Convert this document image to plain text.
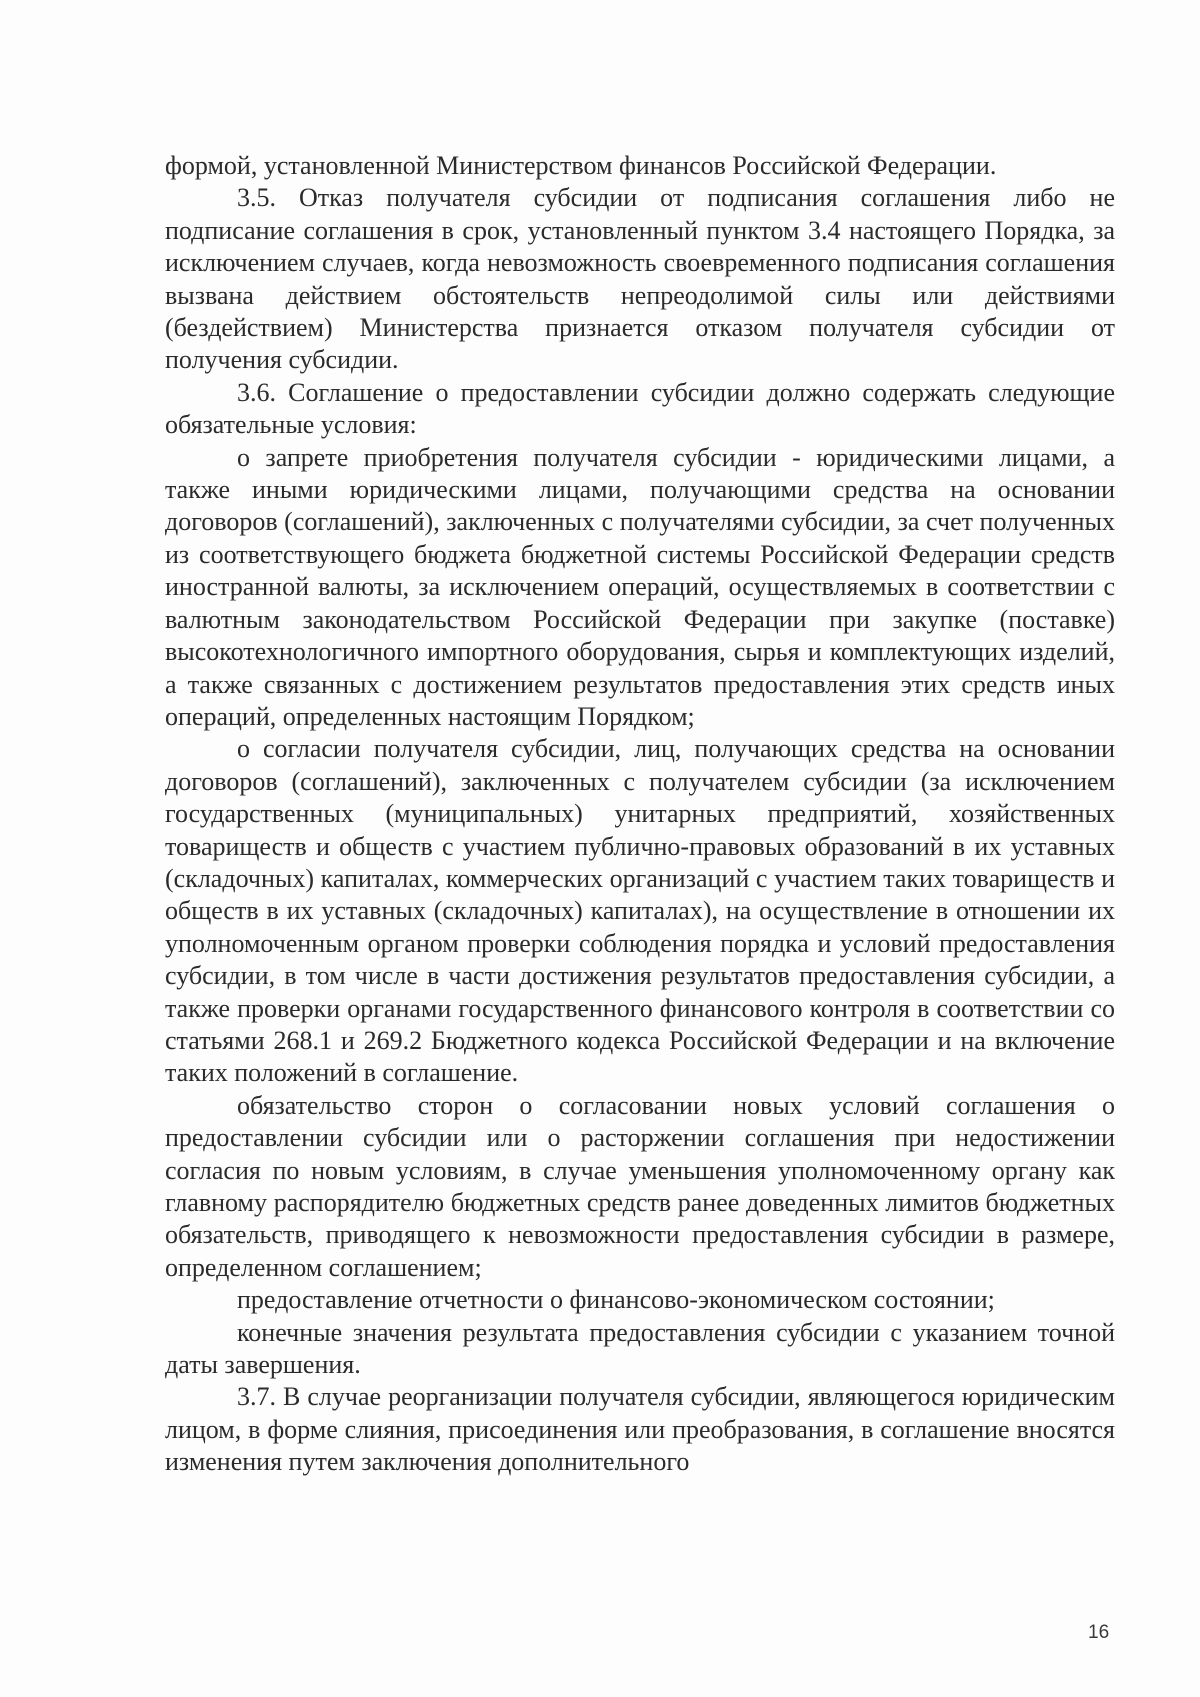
формой, установленной Министерством финансов Российской Федерации.

3.5. Отказ получателя субсидии от подписания соглашения либо не подписание соглашения в срок, установленный пунктом 3.4 настоящего Порядка, за исключением случаев, когда невозможность своевременного подписания соглашения вызвана действием обстоятельств непреодолимой силы или действиями (бездействием) Министерства признается отказом получателя субсидии от получения субсидии.

3.6. Соглашение о предоставлении субсидии должно содержать следующие обязательные условия:

о запрете приобретения получателя субсидии - юридическими лицами, а также иными юридическими лицами, получающими средства на основании договоров (соглашений), заключенных с получателями субсидии, за счет полученных из соответствующего бюджета бюджетной системы Российской Федерации средств иностранной валюты, за исключением операций, осуществляемых в соответствии с валютным законодательством Российской Федерации при закупке (поставке) высокотехнологичного импортного оборудования, сырья и комплектующих изделий, а также связанных с достижением результатов предоставления этих средств иных операций, определенных настоящим Порядком;

о согласии получателя субсидии, лиц, получающих средства на основании договоров (соглашений), заключенных с получателем субсидии (за исключением государственных (муниципальных) унитарных предприятий, хозяйственных товариществ и обществ с участием публично-правовых образований в их уставных (складочных) капиталах, коммерческих организаций с участием таких товариществ и обществ в их уставных (складочных) капиталах), на осуществление в отношении их уполномоченным органом проверки соблюдения порядка и условий предоставления субсидии, в том числе в части достижения результатов предоставления субсидии, а также проверки органами государственного финансового контроля в соответствии со статьями 268.1 и 269.2 Бюджетного кодекса Российской Федерации и на включение таких положений в соглашение.

обязательство сторон о согласовании новых условий соглашения о предоставлении субсидии или о расторжении соглашения при недостижении согласия по новым условиям, в случае уменьшения уполномоченному органу как главному распорядителю бюджетных средств ранее доведенных лимитов бюджетных обязательств, приводящего к невозможности предоставления субсидии в размере, определенном соглашением;

предоставление отчетности о финансово-экономическом состоянии;

конечные значения результата предоставления субсидии с указанием точной даты завершения.

3.7. В случае реорганизации получателя субсидии, являющегося юридическим лицом, в форме слияния, присоединения или преобразования, в соглашение вносятся изменения путем заключения дополнительного

16
